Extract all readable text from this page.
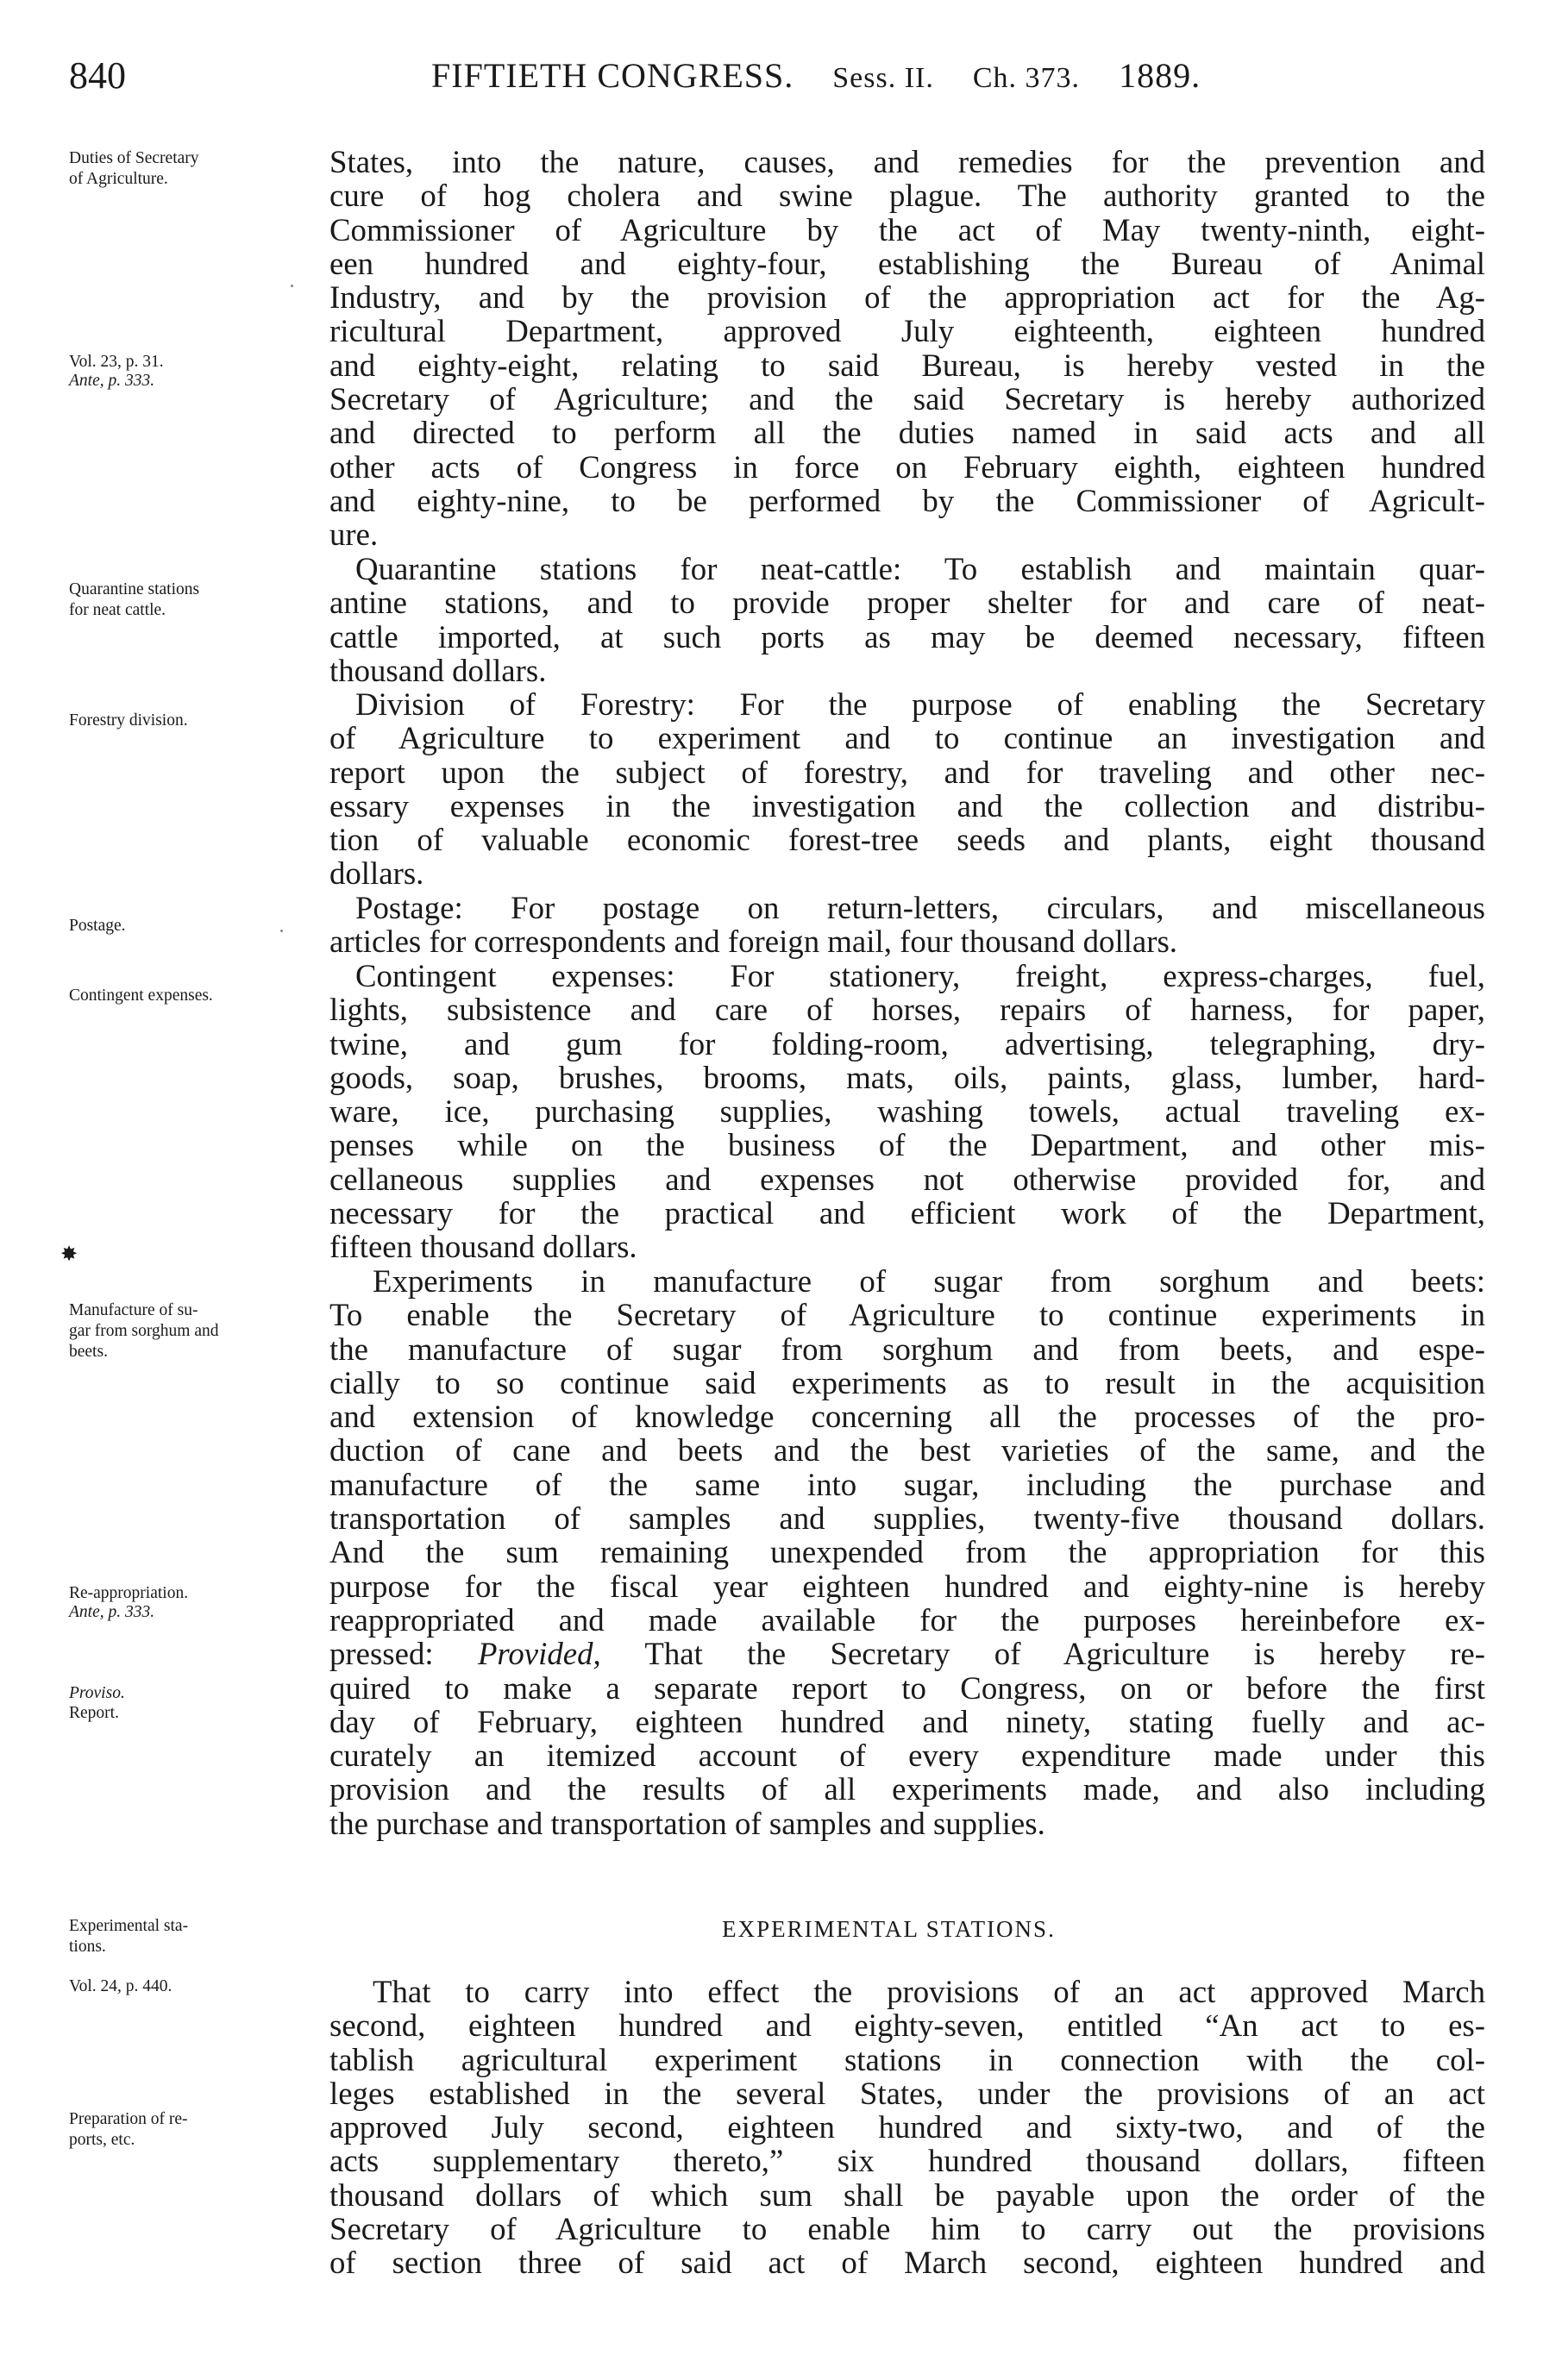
840	FIFTIETH CONGRESS. Sess. II. Ch. 373. 1889.
Duties of Secretary
of Agriculture.
Vol. 23, p. 31.
Ante, p. 333.
Quarantine stations
for neat cattle.
Forestry division.
Postage.
Contingent expenses.
Manufacture of su-
gar from sorghum and
beets.
Re-appropriation.
Ante, p. 333.
Proviso.
Report.
Experimental sta-
tions.
Vol. 24, p. 440.
Preparation of re-
ports, etc.
✸
States, into the nature, causes, and remedies for the prevention and
cure of hog cholera and swine plague. The authority granted to the
Commissioner of Agriculture by the act of May twenty-ninth, eight-
een hundred and eighty-four, establishing the Bureau of Animal
Industry, and by the provision of the appropriation act for the Ag-
ricultural Department, approved July eighteenth, eighteen hundred
and eighty-eight, relating to said Bureau, is hereby vested in the
Secretary of Agriculture; and the said Secretary is hereby authorized
and directed to perform all the duties named in said acts and all
other acts of Congress in force on February eighth, eighteen hundred
and eighty-nine, to be performed by the Commissioner of Agricult-
ure.
Quarantine stations for neat-cattle: To establish and maintain quar-
antine stations, and to provide proper shelter for and care of neat-
cattle imported, at such ports as may be deemed necessary, fifteen
thousand dollars.
Division of Forestry: For the purpose of enabling the Secretary
of Agriculture to experiment and to continue an investigation and
report upon the subject of forestry, and for traveling and other nec-
essary expenses in the investigation and the collection and distribu-
tion of valuable economic forest-tree seeds and plants, eight thousand
dollars.
Postage: For postage on return-letters, circulars, and miscellaneous
articles for correspondents and foreign mail, four thousand dollars.
Contingent expenses: For stationery, freight, express-charges, fuel,
lights, subsistence and care of horses, repairs of harness, for paper,
twine, and gum for folding-room, advertising, telegraphing, dry-
goods, soap, brushes, brooms, mats, oils, paints, glass, lumber, hard-
ware, ice, purchasing supplies, washing towels, actual traveling ex-
penses while on the business of the Department, and other mis-
cellaneous supplies and expenses not otherwise provided for, and
necessary for the practical and efficient work of the Department,
fifteen thousand dollars.
Experiments in manufacture of sugar from sorghum and beets:
To enable the Secretary of Agriculture to continue experiments in
the manufacture of sugar from sorghum and from beets, and espe-
cially to so continue said experiments as to result in the acquisition
and extension of knowledge concerning all the processes of the pro-
duction of cane and beets and the best varieties of the same, and the
manufacture of the same into sugar, including the purchase and
transportation of samples and supplies, twenty-five thousand dollars.
And the sum remaining unexpended from the appropriation for this
purpose for the fiscal year eighteen hundred and eighty-nine is hereby
reappropriated and made available for the purposes hereinbefore ex-
pressed: Provided, That the Secretary of Agriculture is hereby re-
quired to make a separate report to Congress, on or before the first
day of February, eighteen hundred and ninety, stating fuelly and ac-
curately an itemized account of every expenditure made under this
provision and the results of all experiments made, and also including
the purchase and transportation of samples and supplies.
EXPERIMENTAL STATIONS.
That to carry into effect the provisions of an act approved March
second, eighteen hundred and eighty-seven, entitled “An act to es-
tablish agricultural experiment stations in connection with the col-
leges established in the several States, under the provisions of an act
approved July second, eighteen hundred and sixty-two, and of the
acts supplementary thereto,” six hundred thousand dollars, fifteen
thousand dollars of which sum shall be payable upon the order of the
Secretary of Agriculture to enable him to carry out the provisions
of section three of said act of March second, eighteen hundred and
